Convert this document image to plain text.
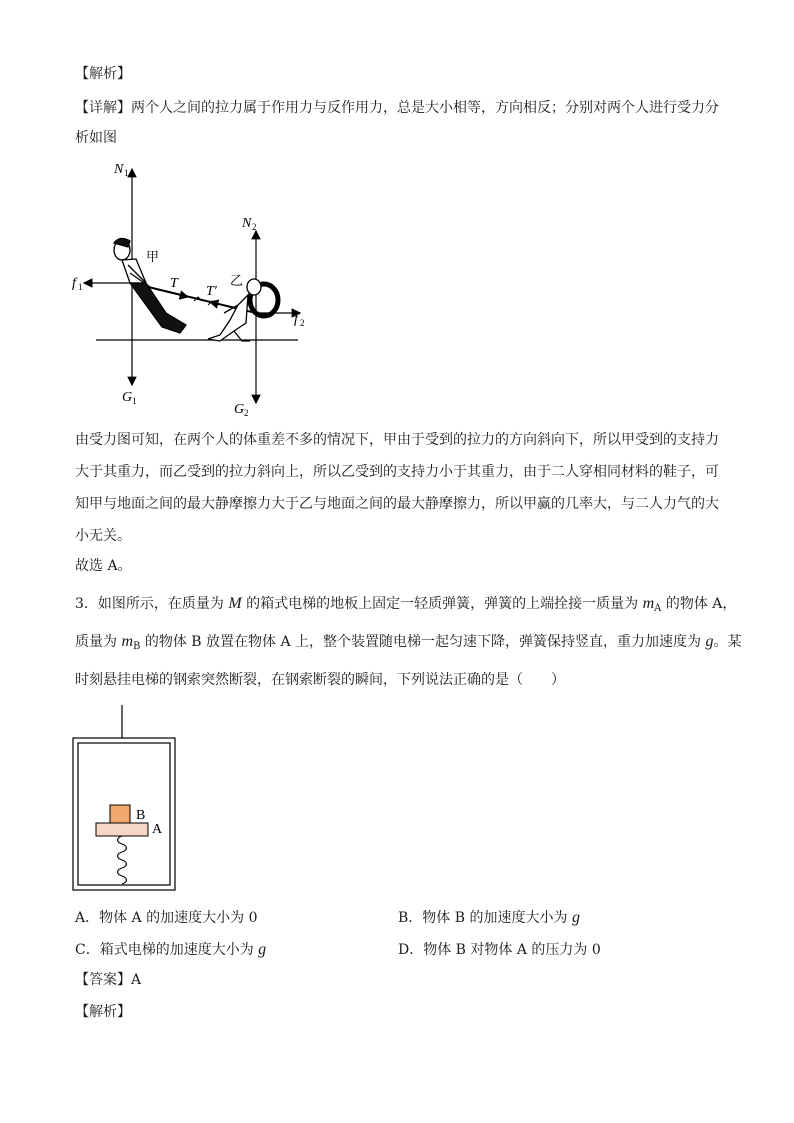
【解析】
【详解】两个人之间的拉力属于作用力与反作用力，总是大小相等，方向相反；分别对两个人进行受力分
析如图
N 1
N 2
f 1
f 2
G 1
G 2
T
T′
甲
乙
由受力图可知，在两个人的体重差不多的情况下，甲由于受到的拉力的方向斜向下，所以甲受到的支持力
大于其重力，而乙受到的拉力斜向上，所以乙受到的支持力小于其重力，由于二人穿相同材料的鞋子，可
知甲与地面之间的最大静摩擦力大于乙与地面之间的最大静摩擦力，所以甲赢的几率大，与二人力气的大
小无关。
故选 A。
3．如图所示，在质量为 M 的箱式电梯的地板上固定一轻质弹簧，弹簧的上端拴接一质量为 $m_A$ 的物体 A，
质量为 $m_B$ 的物体 B 放置在物体 A 上，整个装置随电梯一起匀速下降，弹簧保持竖直，重力加速度为 g。某
时刻悬挂电梯的钢索突然断裂，在钢索断裂的瞬间，下列说法正确的是（　　）
B
A
A．物体 A 的加速度大小为 0	B．物体 B 的加速度大小为 g
C．箱式电梯的加速度大小为 g	D．物体 B 对物体 A 的压力为 0
【答案】A
【解析】
